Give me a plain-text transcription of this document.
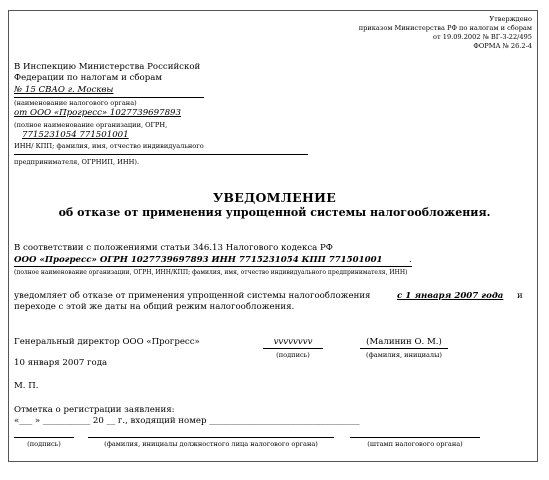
Утверждено
приказом Министерства РФ по налогам и сборам
от 19.09.2002 № ВГ-3-22/495
ФОРМА № 26.2-4
В Инспекцию Министерства Российской
Федерации по налогам и сборам
№ 15 СВАО г. Москвы
(наименование налогового органа)
от ООО «Прогресс» 1027739697893
(полное наименование организации, ОГРН,
7715231054 771501001
ИНН/ КПП; фамилия, имя, отчество индивидуального
предпринимателя, ОГРНИП, ИНН).
УВЕДОМЛЕНИЕ
об отказе от применения упрощенной системы налогообложения.
В соответствии с положениями статьи 346.13 Налогового кодекса РФ
ООО «Прогресс» ОГРН 1027739697893 ИНН 7715231054 КПП 771501001	.
(полное наименование организации, ОГРН, ИНН/КПП; фамилия, имя, отчество индивидуального предпринимателя, ИНН)
уведомляет об отказе от применения упрощенной системы налогообложения	с 1 января 2007 года и
переходе с этой же даты на общий режим налогообложения.
Генеральный директор ООО «Прогресс»	vvvvvvvv
(подпись)
(Малинин О. М.)
(фамилия, инициалы)
10 января 2007 года
М. П.
Отметка о регистрации заявления:
«___ » ___________ 20 __ г., входящий номер ___________________________________
(подпись)	(фамилия, инициалы должностного лица налогового органа)	(штамп налогового органа)
